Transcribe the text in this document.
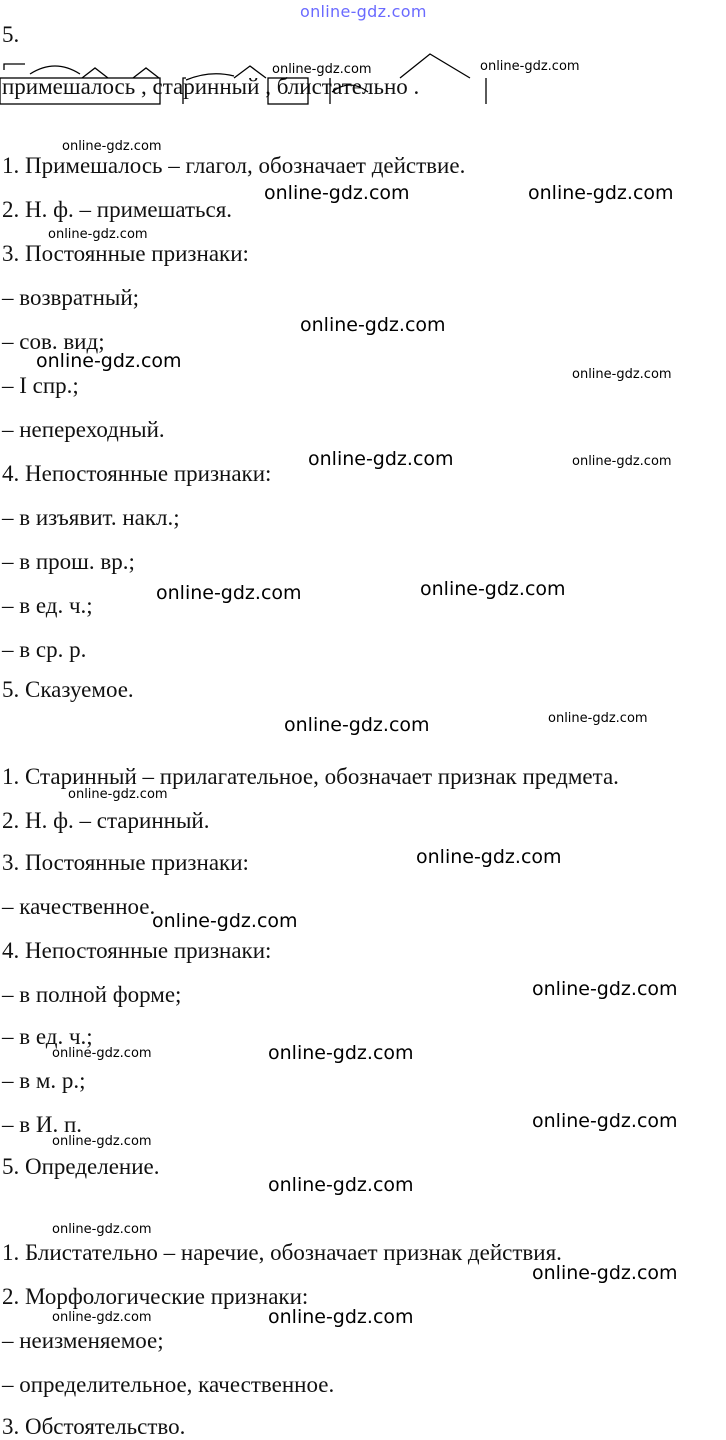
online-gdz.com
5.
примешалось , старинный , блистательно .
1. Примешалось – глагол, обозначает действие.
2. Н. ф. – примешаться.
3. Постоянные признаки:
– возвратный;
– сов. вид;
– I спр.;
– непереходный.
4. Непостоянные признаки:
– в изъявит. накл.;
– в прош. вр.;
– в ед. ч.;
– в ср. р.
5. Сказуемое.
1. Старинный – прилагательное, обозначает признак предмета.
2. Н. ф. – старинный.
3. Постоянные признаки:
– качественное.
4. Непостоянные признаки:
– в полной форме;
– в ед. ч.;
– в м. р.;
– в И. п.
5. Определение.
1. Блистательно – наречие, обозначает признак действия.
2. Морфологические признаки:
– неизменяемое;
– определительное, качественное.
3. Обстоятельство.
online-gdz.com	online-gdz.com
online-gdz.com
online-gdz.com	online-gdz.com
online-gdz.com
online-gdz.com
online-gdz.com
online-gdz.com
online-gdz.com	online-gdz.com
online-gdz.com
online-gdz.com
online-gdz.com
online-gdz.com
online-gdz.com
online-gdz.com
online-gdz.com
online-gdz.com
online-gdz.com	online-gdz.com
online-gdz.com
online-gdz.com
online-gdz.com
online-gdz.com
online-gdz.com
online-gdz.com
online-gdz.com
